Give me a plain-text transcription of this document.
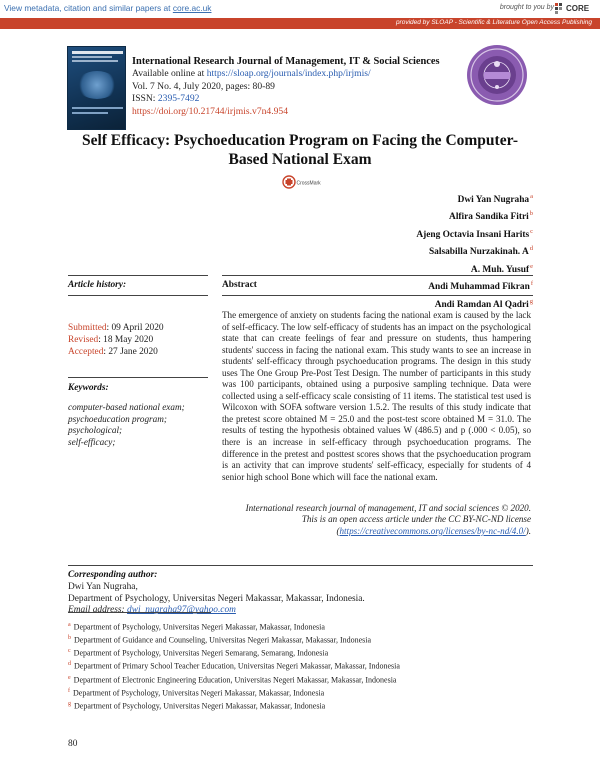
View metadata, citation and similar papers at core.ac.uk	brought to you by CORE
provided by SLOAP - Scientific & Literature Open Access Publishing
International Research Journal of Management, IT & Social Sciences
Available online at https://sloap.org/journals/index.php/irjmis/
Vol. 7 No. 4, July 2020, pages: 80-89
ISSN: 2395-7492
https://doi.org/10.21744/irjmis.v7n4.954
Self Efficacy: Psychoeducation Program on Facing the Computer-
Based National Exam
CrossMark
Dwi Yan Nugraha$^a$
Alfira Sandika Fitri$^b$
Ajeng Octavia Insani Harits$^c$
Salsabilla Nurzakinah. $A^d$
A. Muh. Yusuf$^e$
Andi Muhammad Fikran$^f$
Andi Ramdan Al Qadri$^g$
Article history:	Abstract
Submitted: 09 April 2020
Revised: 18 May 2020
Accepted: 27 Jane 2020
Keywords:
computer-based national exam;
psychoeducation program;
psychological;
self-efficacy;
The emergence of anxiety on students facing the national exam is caused by the lack of self-efficacy. The low self-efficacy of students has an impact on the psychological state that can create feelings of fear and pressure on students, thus hampering students' success in facing the national exam. This study wants to see an increase in students' self-efficacy through psychoeducation programs. The design in this study uses The One Group Pre-Post Test Design. The number of participants in this study was 100 participants, obtained using a purposive sampling technique. Data were collected using a self-efficacy scale consisting of 11 items. The statistical test used is Wilcoxon with SOFA software version 1.5.2. The results of this study indicate that the pretest score obtained M = 25.0 and the post-test score obtained M = 31.0. The results of testing the hypothesis obtained values W (486.5) and p (.000 < 0.05), so there is an increase in self-efficacy through psychoeducation programs. The difference in the pretest and posttest scores shows that the psychoeducation program is an activity that can improve students' self-efficacy, especially for students of 4 senior high school Bone which will face the national exam.
International research journal of management, IT and social sciences © 2020.
This is an open access article under the CC BY-NC-ND license
(https://creativecommons.org/licenses/by-nc-nd/4.0/).
Corresponding author:
Dwi Yan Nugraha,
Department of Psychology, Universitas Negeri Makassar, Makassar, Indonesia.
Email address: dwi_nugraha97@yahoo.com
$^a$ Department of Psychology, Universitas Negeri Makassar, Makassar, Indonesia
$^b$ Department of Guidance and Counseling, Universitas Negeri Makassar, Makassar, Indonesia
$^c$ Department of Psychology, Universitas Negeri Semarang, Semarang, Indonesia
$^d$ Department of Primary School Teacher Education, Universitas Negeri Makassar, Makassar, Indonesia
$^e$ Department of Electronic Engineering Education, Universitas Negeri Makassar, Makassar, Indonesia
$^f$ Department of Psychology, Universitas Negeri Makassar, Makassar, Indonesia
$^g$ Department of Psychology, Universitas Negeri Makassar, Makassar, Indonesia
80
